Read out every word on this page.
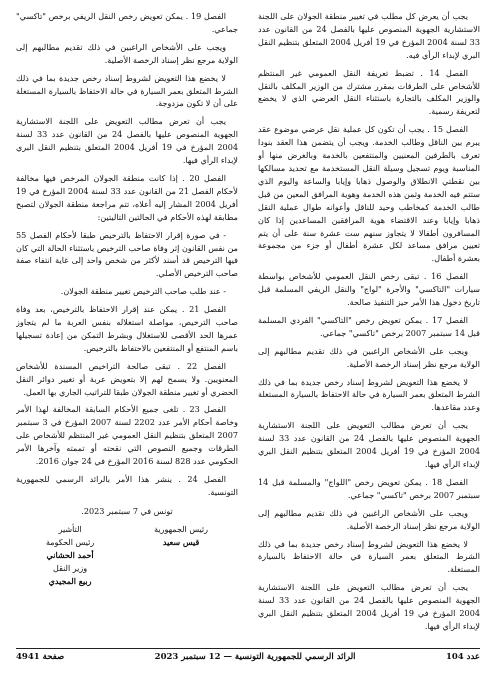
يجب أن يعرض كل مطلب في تغيير منطقة الجولان على اللجنة الاستشارية الجهوية المنصوص عليها بالفصل 24 من القانون عدد 33 لسنة 2004 المؤرخ في 19 أفريل 2004 المتعلق بتنظيم النقل البري لإبداء الرأي فيه.

الفصل 14 . تضبط تعريفة النقل العمومي غير المنتظم للأشخاص على الطرقات بمقرر مشترك من الوزير المكلف بالنقل والوزير المكلف بالتجارة باستثناء النقل العرضي الذي لا يخضع لتعريفة رسمية.

الفصل 15 . يجب أن تكون كل عملية نقل عرضي موضوع عقد يبرم بين الناقل وطالب الخدمة. ويجب أن يتضمن هذا العقد بنودا تعرف بالطرفين المعنيين والمنتفعين بالخدمة وبالغرض منها أو المناسبة ويوم تسجيل وسيلة النقل المستخدمة مع تحديد مسالكها بين نقطتي الانطلاق والوصول ذهابا وإيابا والساعة واليوم الذي ستتم فيه الخدمة وثمن هذه الخدمة وهوية المرافق المعين من قبل طالب الخدمة كمخاطب وحيد للناقل وأعوانه طوال عملية النقل ذهابا وإيابا وعند الاقتضاء هوية المرافقين المساعدين إذا كان المسافرون أطفالا لا يتجاوز سنهم ست عشرة سنة على أن يتم تعيين مرافق مساعد لكل عشرة أطفال أو جزء من مجموعة بعشرة أطفال.

الفصل 16 . تبقى رخص النقل العمومي للأشخاص بواسطة سيارات "التاكسي" والأجرة "لواج" والنقل الريفي المسلمة قبل تاريخ دخول هذا الأمر حيز التنفيذ صالحة.

الفصل 17 . يمكن تعويض رخص "التاكسي" الفردي المسلمة قبل 14 سبتمبر 2007 برخص "تاكسي" جماعي.

ويجب على الأشخاص الراغبين في ذلك تقديم مطالبهم إلى الولاية مرجع نظر إسناد الرخصة الأصلية.

لا يخضع هذا التعويض لشروط إسناد رخص جديدة بما في ذلك الشرط المتعلق بعمر السيارة في حالة الاحتفاظ بالسيارة المستغلة وعدد مقاعدها.

يجب أن تعرض مطالب التعويض على اللجنة الاستشارية الجهوية المنصوص عليها بالفصل 24 من القانون عدد 33 لسنة 2004 المؤرخ في 19 أفريل 2004 المتعلق بتنظيم النقل البري لإبداء الرأي فيها.

الفصل 18 . يمكن تعويض رخص "اللواج" والمسلمة قبل 14 سبتمبر 2007 برخص "تاكسي" جماعي.

ويجب على الأشخاص الراغبين في ذلك تقديم مطالبهم إلى الولاية مرجع نظر إسناد الرخصة الأصلية.

لا يخضع هذا التعويض لشروط إسناد رخص جديدة بما في ذلك الشرط المتعلق بعمر السيارة في حالة الاحتفاظ بالسيارة المستغلة.

يجب أن تعرض مطالب التعويض على اللجنة الاستشارية الجهوية المنصوص عليها بالفصل 24 من القانون عدد 33 لسنة 2004 المؤرخ في 19 أفريل 2004 المتعلق بتنظيم النقل البري لإبداء الرأي فيها.

الفصل 19 . يمكن تعويض رخص النقل الريفي برخص "تاكسي" جماعي.

ويجب على الأشخاص الراغبين في ذلك تقديم مطالبهم إلى الولاية مرجع نظر إسناد الرخصة الأصلية.

لا يخضع هذا التعويض لشروط إسناد رخص جديدة بما في ذلك الشرط المتعلق بعمر السيارة في حالة الاحتفاظ بالسيارة المستغلة على أن لا تكون مزدوجة.

يجب أن تعرض مطالب التعويض على اللجنة الاستشارية الجهوية المنصوص عليها بالفصل 24 من القانون عدد 33 لسنة 2004 المؤرخ في 19 أفريل 2004 المتعلق بتنظيم النقل البري لإبداء الرأي فيها.

الفصل 20 . إذا كانت منطقة الجولان المرخص فيها مخالفة لأحكام الفصل 21 من القانون عدد 33 لسنة 2004 المؤرخ في 19 أفريل 2004 المشار إليه أعلاه، تتم مراجعة منطقة الجولان لتصبح مطابقة لهذه الأحكام في الحالتين التاليتين:

- في صورة إقرار الاحتفاظ بالترخيص طبقا لأحكام الفصل 55 من نفس القانون إثر وفاة صاحب الترخيص باستثناء الحالة التي كان فيها الترخيص قد أسند لأكثر من شخص واحد إلى غاية انتفاء صفة صاحب الترخيص الأصلي.

- عند طلب صاحب الترخيص تغيير منطقة الجولان.

الفصل 21 . يمكن عند إقرار الاحتفاظ بالترخيص، بعد وفاة صاحب الترخيص، مواصلة استغلاله بنفس العربة ما لم يتجاوز عمرها الحد الأقصى للاستغلال وبشرط التمكن من إعادة تسجيلها باسم المنتفع أو المنتفعين بالاحتفاظ بالترخيص.

الفصل 22 . تبقى صالحة التراخيص المسندة للأشخاص المعنويين. ولا يسمح لهم إلا بتعويض عربة أو تغيير دوائر النقل الحضري أو تغيير منطقة الجولان طبقا للتراتيب الجاري بها العمل.

الفصل 23 . تلغى جميع الأحكام السابقة المخالفة لهذا الأمر وخاصة أحكام الأمر عدد 2202 لسنة 2007 المؤرخ في 3 سبتمبر 2007 المتعلق بتنظيم النقل العمومي غير المنتظم للأشخاص على الطرقات وجميع النصوص التي نقحته أو تممته وآخرها الأمر الحكومي عدد 828 لسنة 2016 المؤرخ في 24 جوان 2016.

الفصل 24 . ينشر هذا الأمر بالرائد الرسمي للجمهورية التونسية.

تونس في 7 سبتمبر 2023.

رئيس الجمهورية
قيس سعيد
التأشير
رئيس الحكومة
أحمد الحشاني
وزير النقل
ربيع المجيدي
عدد 104
الرائد الرسمي للجمهورية التونسية — 12 سبتمبر 2023
صفحة 4941
